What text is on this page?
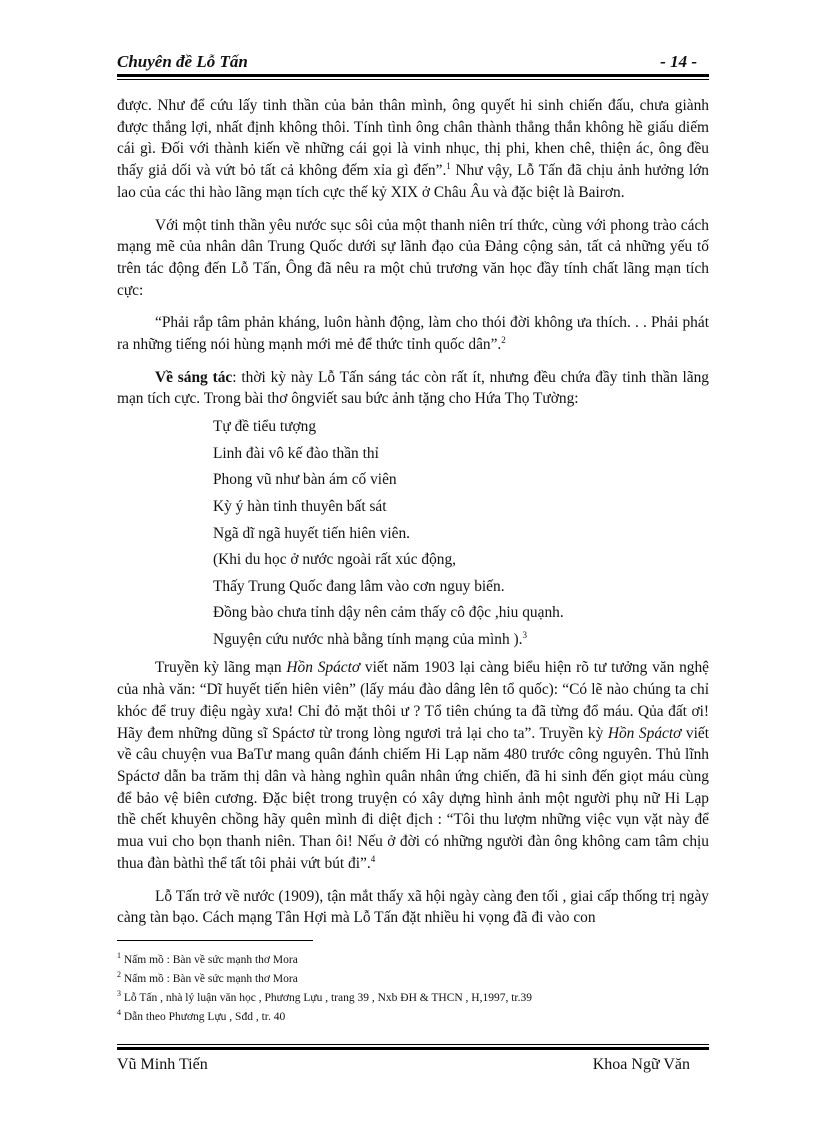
Chuyên đề Lỗ Tấn	- 14 -

được. Như để cứu lấy tinh thần của bản thân mình, ông quyết hi sinh chiến đấu, chưa giành được thắng lợi, nhất định không thôi. Tính tình ông chân thành thẳng thắn không hề giấu diếm cái gì. Đối với thành kiến về những cái gọi là vinh nhục, thị phi, khen chê, thiện ác, ông đều thấy giả dối và vứt bỏ tất cả không đếm xỉa gì đến”.$^1$ Như vậy, Lỗ Tấn đã chịu ảnh hưởng lớn lao của các thi hào lãng mạn tích cực thế kỷ XIX ở Châu Âu và đặc biệt là Bairơn.

Với một tinh thần yêu nước sục sôi của một thanh niên trí thức, cùng với phong trào cách mạng mẽ của nhân dân Trung Quốc dưới sự lãnh đạo của Đảng cộng sản, tất cả những yếu tố trên tác động đến Lỗ Tấn, Ông đã nêu ra một chủ trương văn học đầy tính chất lãng mạn tích cực:

“Phải rắp tâm phản kháng, luôn hành động, làm cho thói đời không ưa thích. . . Phải phát ra những tiếng nói hùng mạnh mới mẻ để thức tỉnh quốc dân”.$^2$

Về sáng tác: thời kỳ này Lỗ Tấn sáng tác còn rất ít, nhưng đều chứa đầy tinh thần lãng mạn tích cực. Trong bài thơ ôngviết sau bức ảnh tặng cho Hứa Thọ Tường:

Tự đề tiểu tượng
Linh đài vô kế đào thần thỉ
Phong vũ như bàn ám cố viên
Kỳ ý hàn tinh thuyên bất sát
Ngã dĩ ngã huyết tiến hiên viên.
(Khi du học ở nước ngoài rất xúc động,
Thấy Trung Quốc đang lâm vào cơn nguy biến.
Đồng bào chưa tỉnh dậy nên cảm thấy cô độc ,hiu quạnh.
Nguyện cứu nước nhà bằng tính mạng của mình ).$^3$

Truyền kỳ lãng mạn Hồn Spáctơ viết năm 1903 lại càng biểu hiện rõ tư tưởng văn nghệ của nhà văn: “Dĩ huyết tiến hiên viên” (lấy máu đào dâng lên tổ quốc): “Có lẽ nào chúng ta chỉ khóc để truy điệu ngày xưa! Chỉ đỏ mặt thôi ư ? Tổ tiên chúng ta đã từng đổ máu. Qủa đất ơi! Hãy đem những dũng sĩ Spáctơ từ trong lòng ngươi trả lại cho ta”. Truyền kỳ Hồn Spáctơ viết về câu chuyện vua BaTư mang quân đánh chiếm Hi Lạp năm 480 trước công nguyên. Thủ lĩnh Spáctơ dẫn ba trăm thị dân và hàng nghìn quân nhân ứng chiến, đã hi sinh đến giọt máu cùng để bảo vệ biên cương. Đặc biệt trong truyện có xây dựng hình ảnh một người phụ nữ Hi Lạp thề chết khuyên chồng hãy quên mình đi diệt địch : “Tôi thu lượm những việc vụn vặt này để mua vui cho bọn thanh niên. Than ôi! Nếu ở đời có những người đàn ông không cam tâm chịu thua đàn bàthì thể tất tôi phải vứt bút đi”.$^4$

Lỗ Tấn trở về nước (1909), tận mắt thấy xã hội ngày càng đen tối , giai cấp thống trị ngày càng tàn bạo. Cách mạng Tân Hợi mà Lỗ Tấn đặt nhiều hi vọng đã đi vào con

$^1$ Nấm mồ : Bàn về sức mạnh thơ Mora
$^2$ Nấm mồ : Bàn về sức mạnh thơ Mora
$^3$ Lỗ Tấn , nhà lý luận văn học , Phương Lựu , trang 39 , Nxb ĐH & THCN , H,1997, tr.39
$^4$ Dẫn theo Phương Lựu , Sđd , tr. 40
Vũ Minh Tiến	Khoa Ngữ Văn
